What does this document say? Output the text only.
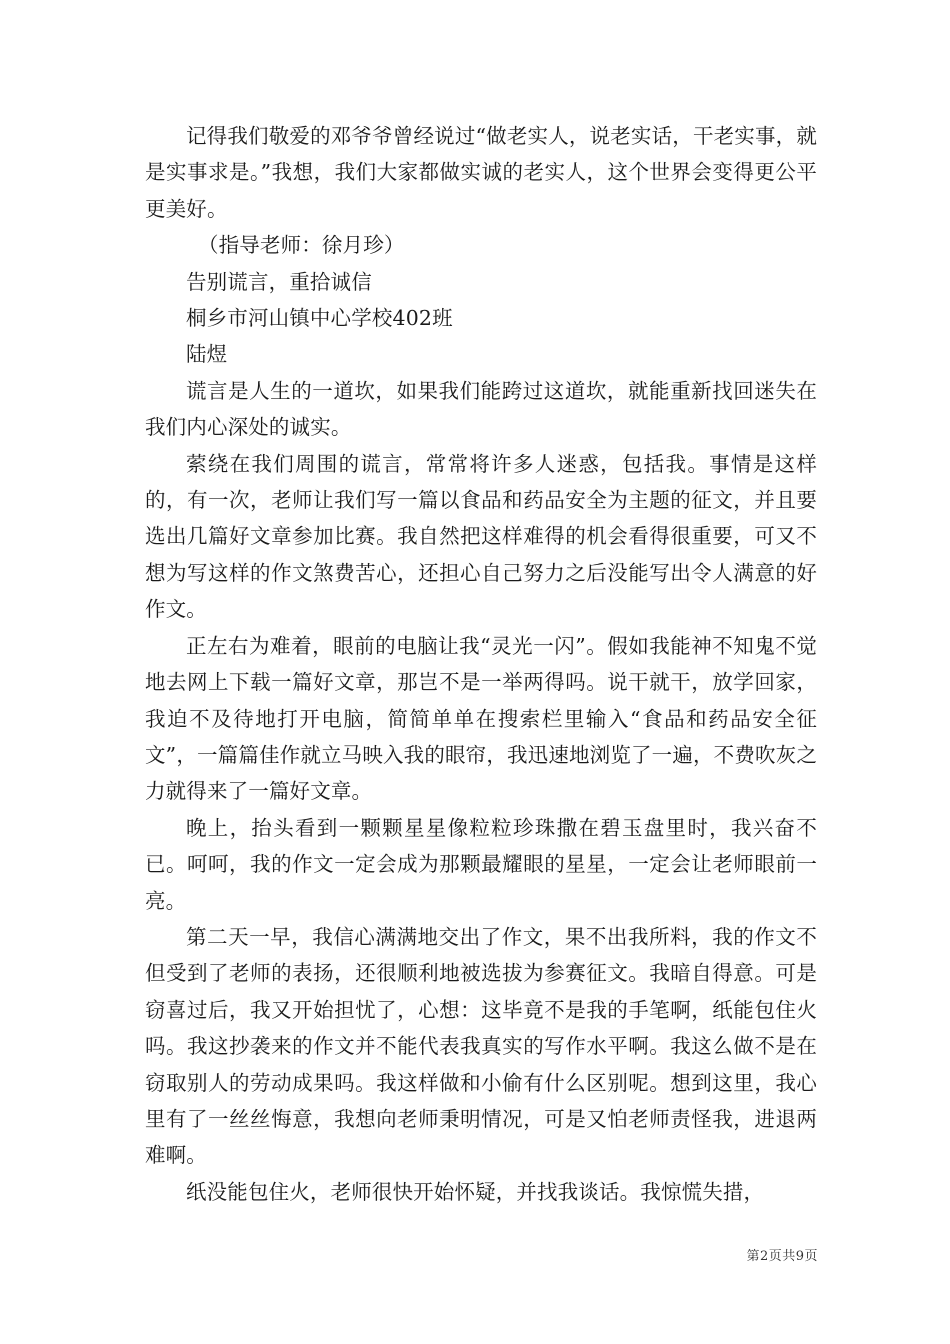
记得我们敬爱的邓爷爷曾经说过“做老实人，说老实话，干老实事，就是实事求是。”我想，我们大家都做实诚的老实人，这个世界会变得更公平更美好。

（指导老师：徐月珍）

告别谎言，重拾诚信

桐乡市河山镇中心学校402班

陆煜

谎言是人生的一道坎，如果我们能跨过这道坎，就能重新找回迷失在我们内心深处的诚实。

萦绕在我们周围的谎言，常常将许多人迷惑，包括我。事情是这样的，有一次，老师让我们写一篇以食品和药品安全为主题的征文，并且要选出几篇好文章参加比赛。我自然把这样难得的机会看得很重要，可又不想为写这样的作文煞费苦心，还担心自己努力之后没能写出令人满意的好作文。

正左右为难着，眼前的电脑让我“灵光一闪”。假如我能神不知鬼不觉地去网上下载一篇好文章，那岂不是一举两得吗。说干就干，放学回家，我迫不及待地打开电脑，简简单单在搜索栏里输入“食品和药品安全征文”，一篇篇佳作就立马映入我的眼帘，我迅速地浏览了一遍，不费吹灰之力就得来了一篇好文章。

晚上，抬头看到一颗颗星星像粒粒珍珠撒在碧玉盘里时，我兴奋不已。呵呵，我的作文一定会成为那颗最耀眼的星星，一定会让老师眼前一亮。

第二天一早，我信心满满地交出了作文，果不出我所料，我的作文不但受到了老师的表扬，还很顺利地被选拔为参赛征文。我暗自得意。可是窃喜过后，我又开始担忧了，心想：这毕竟不是我的手笔啊，纸能包住火吗。我这抄袭来的作文并不能代表我真实的写作水平啊。我这么做不是在窃取别人的劳动成果吗。我这样做和小偷有什么区别呢。想到这里，我心里有了一丝丝悔意，我想向老师秉明情况，可是又怕老师责怪我，进退两难啊。

纸没能包住火，老师很快开始怀疑，并找我谈话。我惊慌失措，

第2页共9页
